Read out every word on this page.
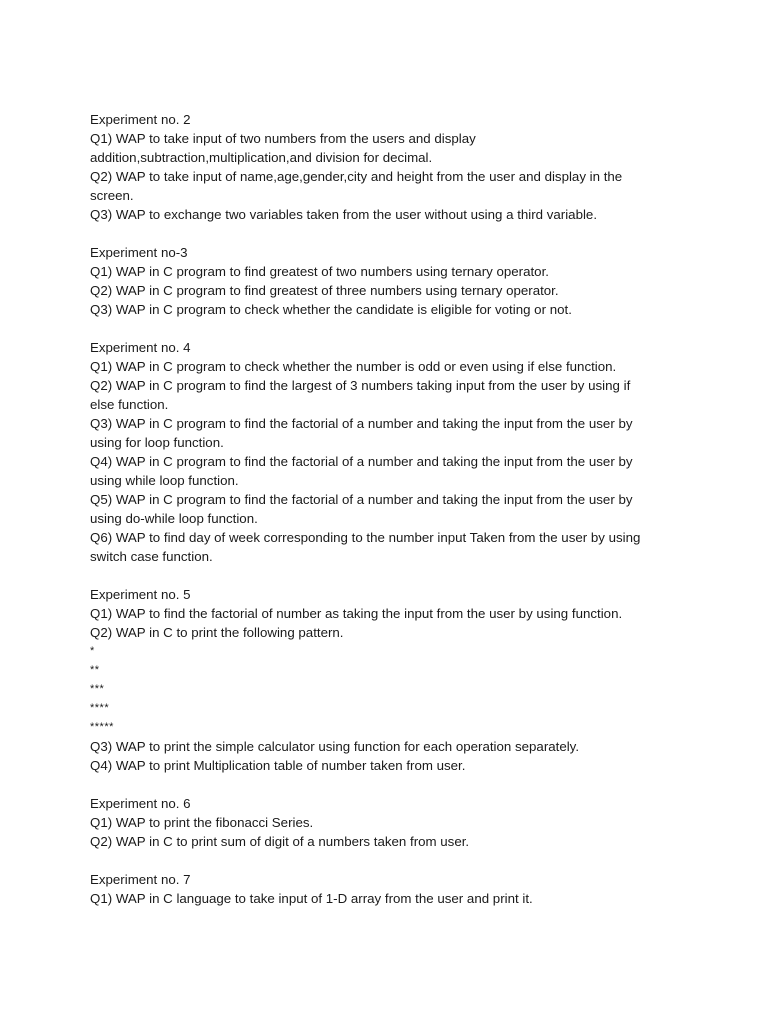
Experiment no. 2
Q1) WAP to take input of two numbers from the users and display
addition,subtraction,multiplication,and division for decimal.
Q2) WAP to take input of name,age,gender,city and height from the user and display in the
screen.
Q3) WAP to exchange two variables taken from the user without using a third variable.
Experiment no-3
Q1) WAP in C program to find greatest of two numbers using ternary operator.
Q2) WAP in C program to find greatest of three numbers using ternary operator.
Q3) WAP in C program to check whether the candidate is eligible for voting or not.
Experiment no. 4
Q1) WAP in C program to check whether the number is odd or even using if else function.
Q2) WAP in C program to find the largest of 3 numbers taking input from the user by using if
else function.
Q3) WAP in C program to find the factorial of a number and taking the input from the user by
using for loop function.
Q4) WAP in C program to find the factorial of a number and taking the input from the user by
using while loop function.
Q5) WAP in C program to find the factorial of a number and taking the input from the user by
using do-while loop function.
Q6) WAP to find day of week corresponding to the number input Taken from the user by using
switch case function.
Experiment no. 5
Q1) WAP to find the factorial of number as taking the input from the user by using function.
Q2) WAP in C to print the following pattern.
*
**
***
****
*****
Q3) WAP to print the simple calculator using function for each operation separately.
Q4) WAP to print Multiplication table of number taken from user.
Experiment no. 6
Q1) WAP to print the fibonacci Series.
Q2) WAP in C to print sum of digit of a numbers taken from user.
Experiment no. 7
Q1) WAP in C language to take input of 1-D array from the user and print it.
